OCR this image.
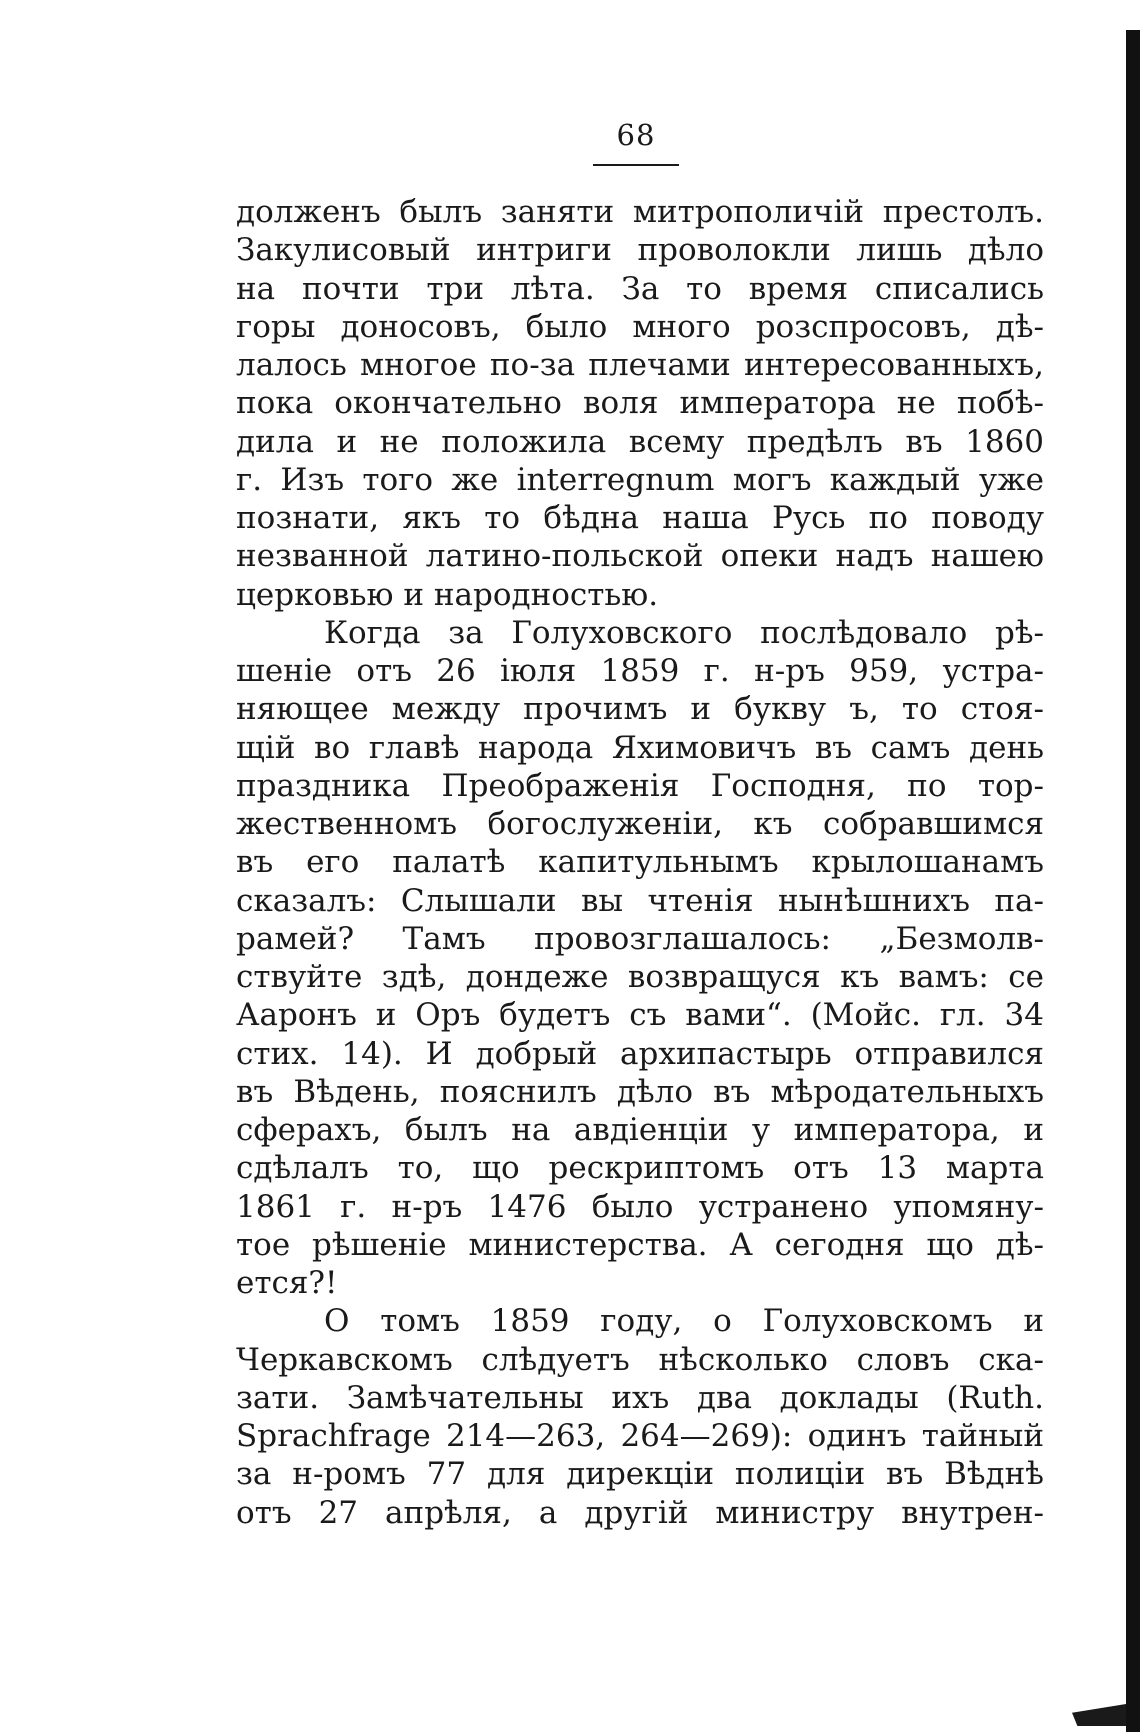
68
долженъ былъ заняти митрополичій престолъ.
Закулисовый интриги проволокли лишь дѣло
на почти три лѣта. За то время списались
горы доносовъ, было много розспросовъ, дѣ-
лалось многое по-за плечами интересованныхъ,
пока окончательно воля императора не побѣ-
дила и не положила всему предѣлъ въ 1860
г. Изъ того же interregnum могъ каждый уже
познати, якъ то бѣдна наша Русь по поводу
незванной латино-польской опеки надъ нашею
церковью и народностью.
Когда за Голуховского послѣдовало рѣ-
шеніе отъ 26 іюля 1859 г. н-ръ 959, устра-
няющее между прочимъ и букву ъ, то стоя-
щій во главѣ народа Яхимовичъ въ самъ день
праздника Преображенія Господня, по тор-
жественномъ богослуженіи, къ собравшимся
въ его палатѣ капитульнымъ крылошанамъ
сказалъ: Слышали вы чтенія нынѣшнихъ па-
рамей? Тамъ провозглашалось: „Безмолв-
ствуйте здѣ, дондеже возвращуся къ вамъ: се
Ааронъ и Оръ будетъ съ вами“. (Мойс. гл. 34
стих. 14). И добрый архипастырь отправился
въ Вѣдень, пояснилъ дѣло въ мѣродательныхъ
сферахъ, былъ на авдіенціи у императора, и
сдѣлалъ то, що рескриптомъ отъ 13 марта
1861 г. н-ръ 1476 было устранено упомяну-
тое рѣшеніе министерства. А сегодня що дѣ-
ется?!
О томъ 1859 году, о Голуховскомъ и
Черкавскомъ слѣдуетъ нѣсколько словъ ска-
зати. Замѣчательны ихъ два доклады (Ruth.
Sprachfrage 214—263, 264—269): одинъ тайный
за н-ромъ 77 для дирекціи полиціи въ Вѣднѣ
отъ 27 апрѣля, а другій министру внутрен-
